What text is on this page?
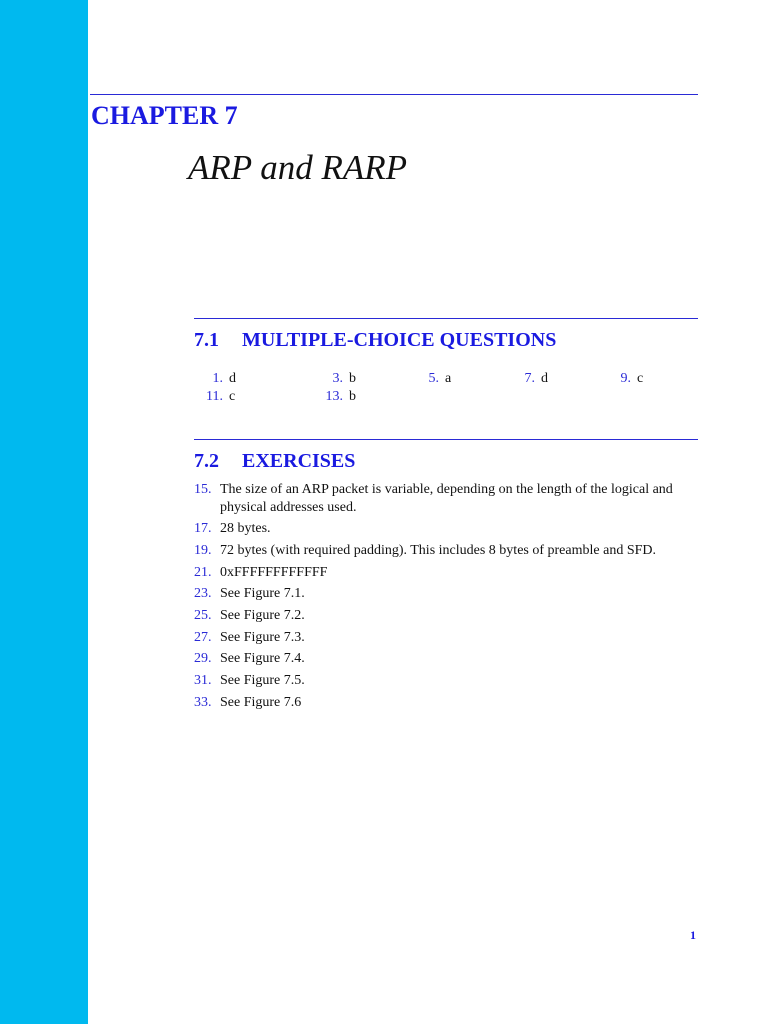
CHAPTER 7
ARP and RARP
7.1 MULTIPLE-CHOICE QUESTIONS
1. d	3. b	5. a	7. d	9. c
11. c	13. b
7.2 EXERCISES
15. The size of an ARP packet is variable, depending on the length of the logical and physical addresses used.
17. 28 bytes.
19. 72 bytes (with required padding). This includes 8 bytes of preamble and SFD.
21. 0xFFFFFFFFFFFF
23. See Figure 7.1.
25. See Figure 7.2.
27. See Figure 7.3.
29. See Figure 7.4.
31. See Figure 7.5.
33. See Figure 7.6
1
